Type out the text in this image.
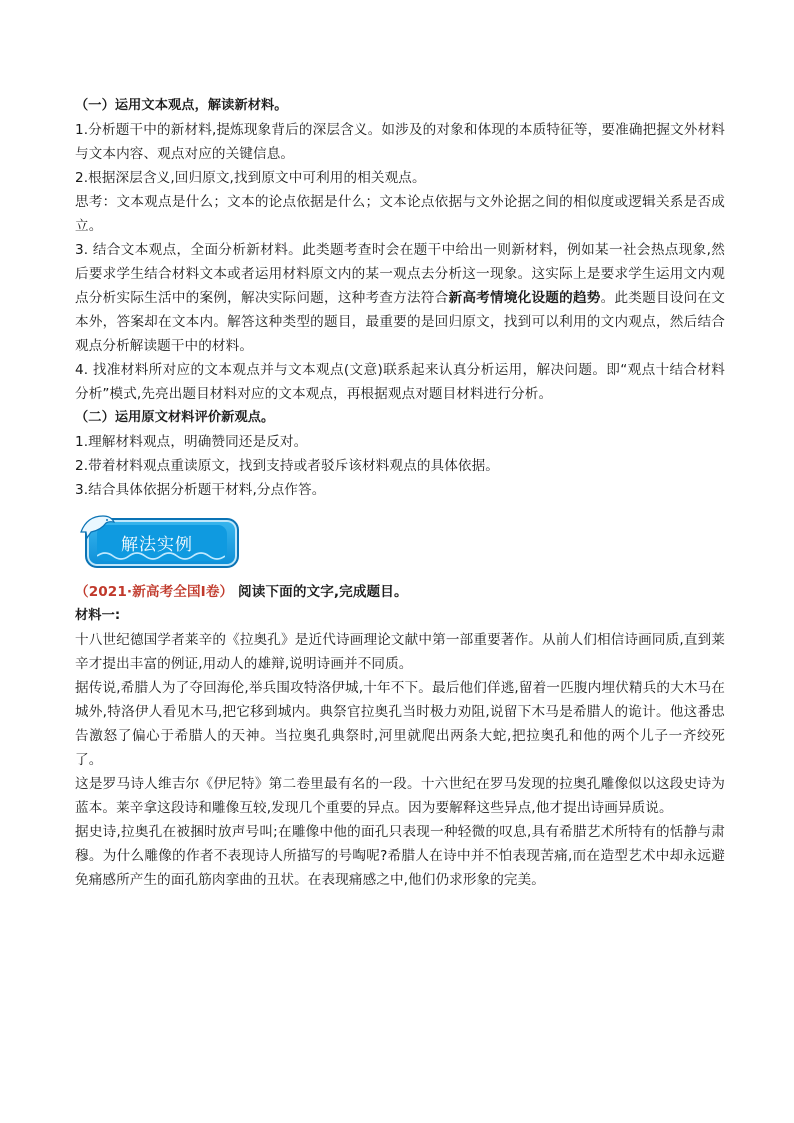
（一）运用文本观点，解读新材料。

1.分析题干中的新材料,提炼现象背后的深层含义。如涉及的对象和体现的本质特征等，要准确把握文外材料与文本内容、观点对应的关键信息。

2.根据深层含义,回归原文,找到原文中可利用的相关观点。

思考：文本观点是什么；文本的论点依据是什么；文本论点依据与文外论据之间的相似度或逻辑关系是否成立。

3. 结合文本观点，全面分析新材料。此类题考查时会在题干中给出一则新材料，例如某一社会热点现象,然后要求学生结合材料文本或者运用材料原文内的某一观点去分析这一现象。这实际上是要求学生运用文内观点分析实际生活中的案例，解决实际问题，这种考查方法符合新高考情境化设题的趋势。此类题目设问在文本外，答案却在文本内。解答这种类型的题目，最重要的是回归原文，找到可以利用的文内观点，然后结合观点分析解读题干中的材料。

4. 找准材料所对应的文本观点并与文本观点(文意)联系起来认真分析运用，解决问题。即“观点十结合材料分析”模式,先亮出题目材料对应的文本观点，再根据观点对题目材料进行分析。

（二）运用原文材料评价新观点。

1.理解材料观点，明确赞同还是反对。

2.带着材料观点重读原文，找到支持或者驳斥该材料观点的具体依据。

3.结合具体依据分析题干材料,分点作答。

解法实例

（2021·新高考全国Ⅰ卷） 阅读下面的文字,完成题目。

材料一:

十八世纪德国学者莱辛的《拉奥孔》是近代诗画理论文献中第一部重要著作。从前人们相信诗画同质,直到莱辛才提出丰富的例证,用动人的雄辩,说明诗画并不同质。

据传说,希腊人为了夺回海伦,举兵围攻特洛伊城,十年不下。最后他们佯逃,留着一匹腹内埋伏精兵的大木马在城外,特洛伊人看见木马,把它移到城内。典祭官拉奥孔当时极力劝阻,说留下木马是希腊人的诡计。他这番忠告激怒了偏心于希腊人的天神。当拉奥孔典祭时,河里就爬出两条大蛇,把拉奥孔和他的两个儿子一齐绞死了。

这是罗马诗人维吉尔《伊尼特》第二卷里最有名的一段。十六世纪在罗马发现的拉奥孔雕像似以这段史诗为蓝本。莱辛拿这段诗和雕像互较,发现几个重要的异点。因为要解释这些异点,他才提出诗画异质说。

据史诗,拉奥孔在被捆时放声号叫;在雕像中他的面孔只表现一种轻微的叹息,具有希腊艺术所特有的恬静与肃穆。为什么雕像的作者不表现诗人所描写的号啕呢?希腊人在诗中并不怕表现苦痛,而在造型艺术中却永远避免痛感所产生的面孔筋肉挛曲的丑状。在表现痛感之中,他们仍求形象的完美。
